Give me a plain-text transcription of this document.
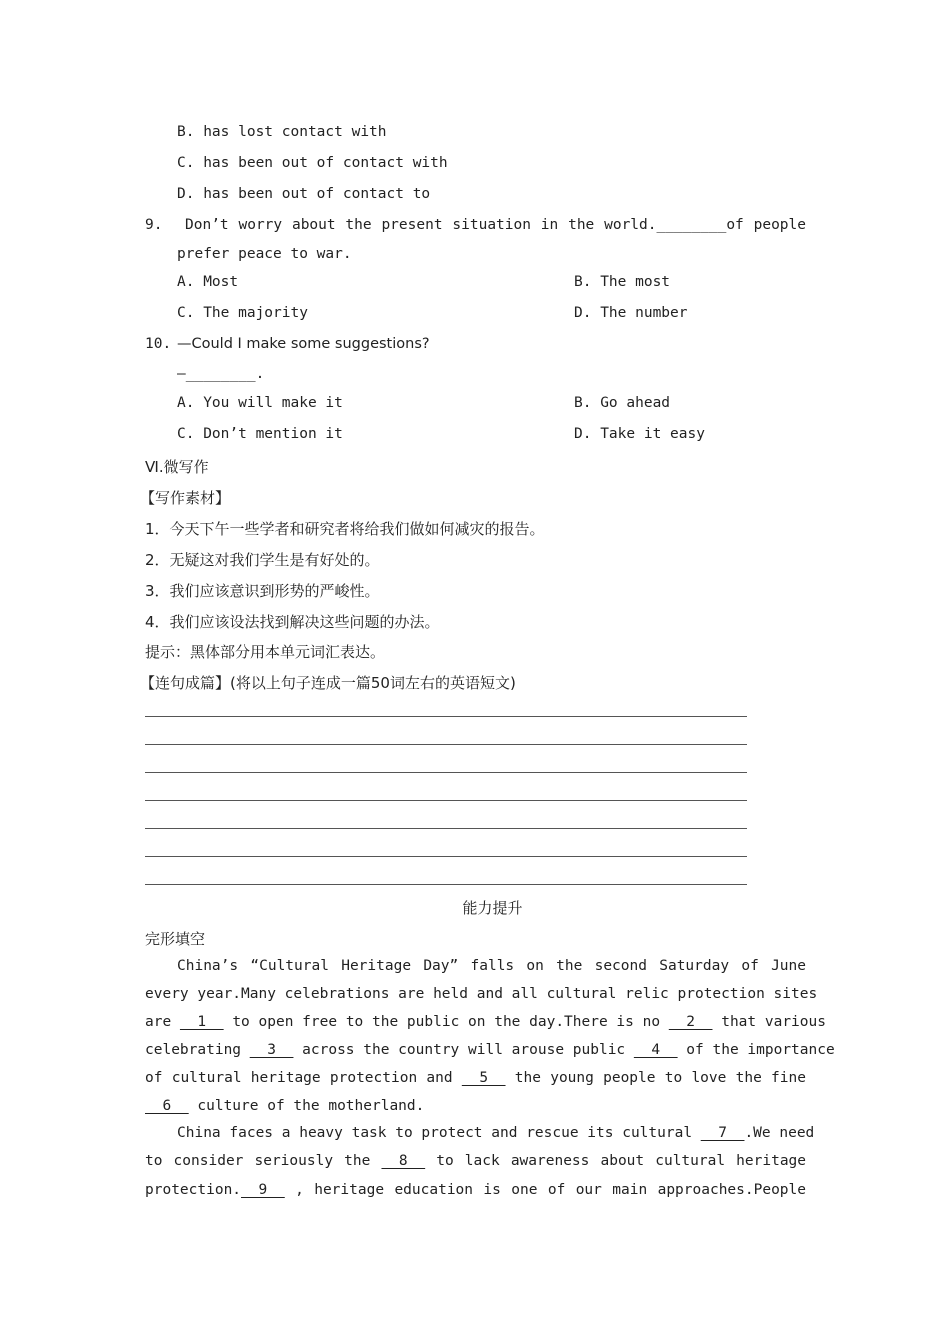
B. has lost contact with
C. has been out of contact with
D. has been out of contact to
9. Don’t worry about the present situation in the world.________of people
prefer peace to war.
A. Most	B. The most
C. The majority	D. The number
10. —Could I make some suggestions?
—________.
A. You will make it	B. Go ahead
C. Don’t mention it	D. Take it easy
Ⅵ.微写作
【写作素材】
1．今天下午一些学者和研究者将给我们做如何减灾的报告。
2．无疑这对我们学生是有好处的。
3．我们应该意识到形势的严峻性。
4．我们应该设法找到解决这些问题的办法。
提示：黑体部分用本单元词汇表达。
【连句成篇】(将以上句子连成一篇50词左右的英语短文)
能力提升
完形填空
China’s “Cultural Heritage Day” falls on the second Saturday of June
every year.Many celebrations are held and all cultural relic protection sites
are __1__ to open free to the public on the day.There is no __2__ that various
celebrating __3__ across the country will arouse public __4__ of the importance
of cultural heritage protection and __5__ the young people to love the fine
__6__ culture of the motherland.
China faces a heavy task to protect and rescue its cultural __7__.We need
to consider seriously the __8__ to lack awareness about cultural heritage
protection.__9__ , heritage education is one of our main approaches.People
